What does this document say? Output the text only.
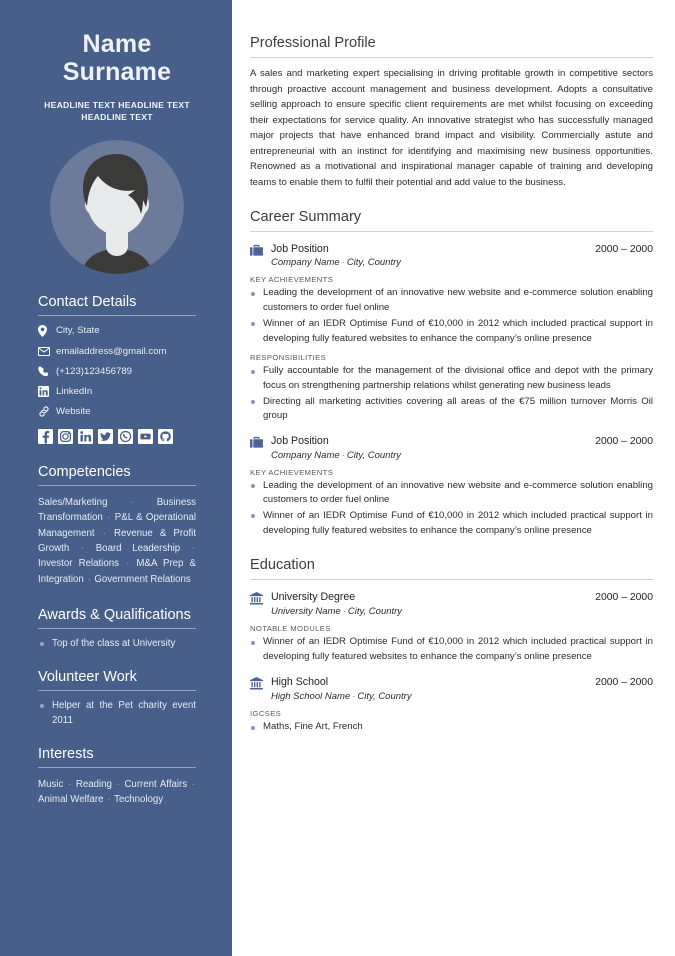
Name
Surname
HEADLINE TEXT HEADLINE TEXT HEADLINE TEXT
Contact Details
City, State
emailaddress@gmail.com
(+123)123456789
LinkedIn
Website
Competencies

Sales/Marketing · Business Transformation · P&L & Operational Management · Revenue & Profit Growth · Board Leadership · Investor Relations · M&A Prep & Integration · Government Relations

Awards & Qualifications
Top of the class at University
Volunteer Work
Helper at the Pet charity event 2011
Interests

Music · Reading · Current Affairs · Animal Welfare · Technology

Professional Profile

A sales and marketing expert specialising in driving profitable growth in competitive sectors through proactive account management and business development. Adopts a consultative selling approach to ensure specific client requirements are met whilst focusing on exceeding their expectations for service quality. An innovative strategist who has successfully managed major projects that have enhanced brand impact and visibility. Commercially astute and entrepreneurial with an instinct for identifying and maximising new business opportunities. Renowned as a motivational and inspirational manager capable of training and developing teams to enable them to fulfil their potential and add value to the business.

Career Summary
Job Position	2000 – 2000
Company Name · City, Country
KEY ACHIEVEMENTS
Leading the development of an innovative new website and e-commerce solution enabling customers to order fuel online
Winner of an IEDR Optimise Fund of €10,000 in 2012 which included practical support in developing fully featured websites to enhance the company’s online presence
RESPONSIBILITIES
Fully accountable for the management of the divisional office and depot with the primary focus on strengthening partnership relations whilst generating new business leads
Directing all marketing activities covering all areas of the €75 million turnover Morris Oil group
Job Position	2000 – 2000
Company Name · City, Country
KEY ACHIEVEMENTS
Leading the development of an innovative new website and e-commerce solution enabling customers to order fuel online
Winner of an IEDR Optimise Fund of €10,000 in 2012 which included practical support in developing fully featured websites to enhance the company’s online presence
Education
University Degree	2000 – 2000
University Name · City, Country
NOTABLE MODULES
Winner of an IEDR Optimise Fund of €10,000 in 2012 which included practical support in developing fully featured websites to enhance the company’s online presence
High School	2000 – 2000
High School Name · City, Country
IGCSES
Maths, Fine Art, French
